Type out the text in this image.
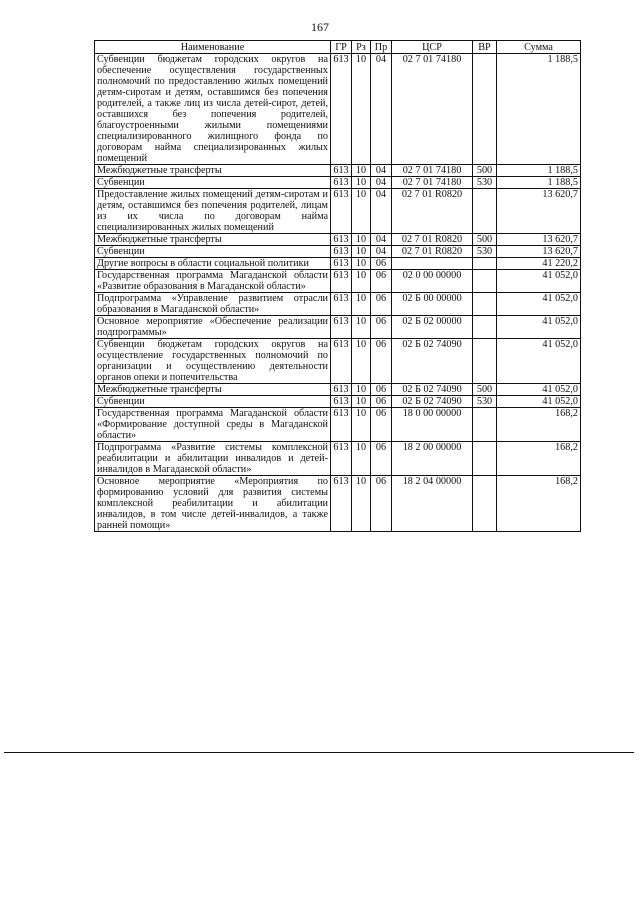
167
Наименование	ГР	Рз	Пр	ЦСР	ВР	Сумма
Субвенции бюджетам городских округов на обеспечение осуществления государственных полномочий по предоставлению жилых помещений детям-сиротам и детям, оставшимся без попечения родителей, а также лиц из числа детей-сирот, детей, оставшихся без попечения родителей, благоустроенными жилыми помещениями специализированного жилищного фонда по договорам найма специализированных жилых помещений	613	10	04	02 7 01 74180		1 188,5
Межбюджетные трансферты	613	10	04	02 7 01 74180	500	1 188,5
Субвенции	613	10	04	02 7 01 74180	530	1 188,5
Предоставление жилых помещений детям-сиротам и детям, оставшимся без попечения родителей, лицам из их числа по договорам найма специализированных жилых помещений	613	10	04	02 7 01 R0820		13 620,7
Межбюджетные трансферты	613	10	04	02 7 01 R0820	500	13 620,7
Субвенции	613	10	04	02 7 01 R0820	530	13 620,7
Другие вопросы в области социальной политики	613	10	06			41 220,2
Государственная программа Магаданской области «Развитие образования в Магаданской области»	613	10	06	02 0 00 00000		41 052,0
Подпрограмма «Управление развитием отрасли образования в Магаданской области»	613	10	06	02 Б 00 00000		41 052,0
Основное мероприятие «Обеспечение реализации подпрограммы»	613	10	06	02 Б 02 00000		41 052,0
Субвенции бюджетам городских округов на осуществление государственных полномочий по организации и осуществлению деятельности органов опеки и попечительства	613	10	06	02 Б 02 74090		41 052,0
Межбюджетные трансферты	613	10	06	02 Б 02 74090	500	41 052,0
Субвенции	613	10	06	02 Б 02 74090	530	41 052,0
Государственная программа Магаданской области «Формирование доступной среды в Магаданской области»	613	10	06	18 0 00 00000		168,2
Подпрограмма «Развитие системы комплексной реабилитации и абилитации инвалидов и детей-инвалидов в Магаданской области»	613	10	06	18 2 00 00000		168,2
Основное мероприятие «Мероприятия по формированию условий для развития системы комплексной реабилитации и абилитации инвалидов, в том числе детей-инвалидов, а также ранней помощи»	613	10	06	18 2 04 00000		168,2
